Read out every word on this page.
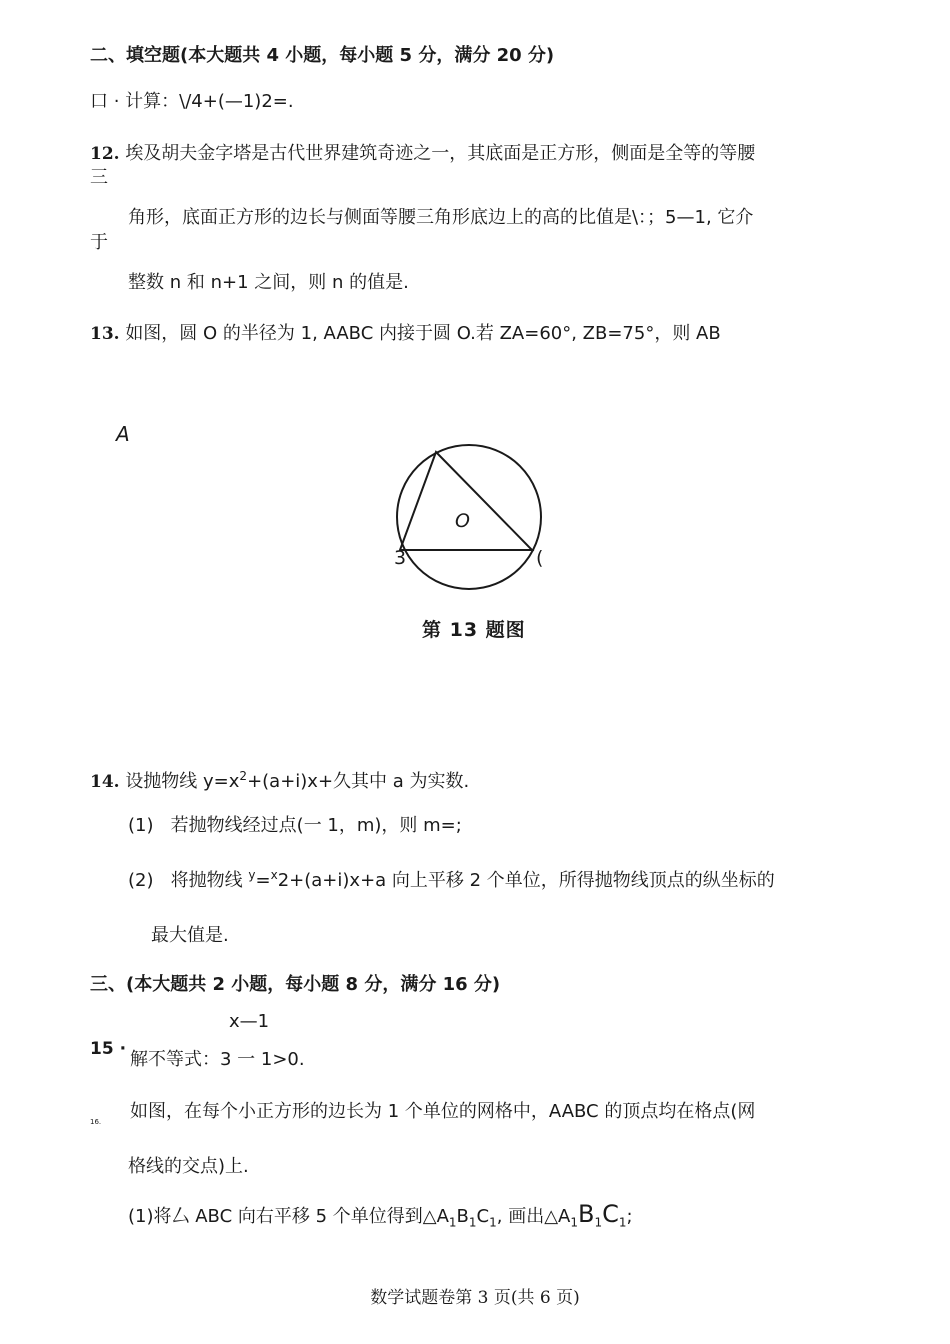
二、填空题(本大题共 4 小题，每小题 5 分，满分 20 分)
口 · 计算：\/4+(—1)2=.
12. 埃及胡夫金字塔是古代世界建筑奇迹之一，其底面是正方形，侧面是全等的等腰
三
角形，底面正方形的边长与侧面等腰三角形底边上的高的比值是\：；5—1, 它介
于
整数 n 和 n+1 之间，则 n 的值是.
13. 如图，圆 O 的半径为 1, AABC 内接于圆 O.若 ZA=60°, ZB=75°，则 AB
A
O
3	(
第 13 题图
14. 设抛物线 $y=x^2+(a+i)x+$久其中 a 为实数.
(1) 若抛物线经过点(一 1，m)，则 m=;
(2) 将抛物线 $^y$=$^x$2+(a+i)x+a 向上平移 2 个单位，所得抛物线顶点的纵坐标的
最大值是.
三、(本大题共 2 小题，每小题 8 分，满分 16 分)
x—1
15 · 解不等式：3 一 1>0.
16. 如图，在每个小正方形的边长为 1 个单位的网格中，AABC 的顶点均在格点(网
格线的交点)上.
(1)将厶 ABC 向右平移 5 个单位得到$\triangle A_1B_1C_1$, 画出$\triangle A_1B_1C_1$;
数学试题卷第 3 页(共 6 页)
